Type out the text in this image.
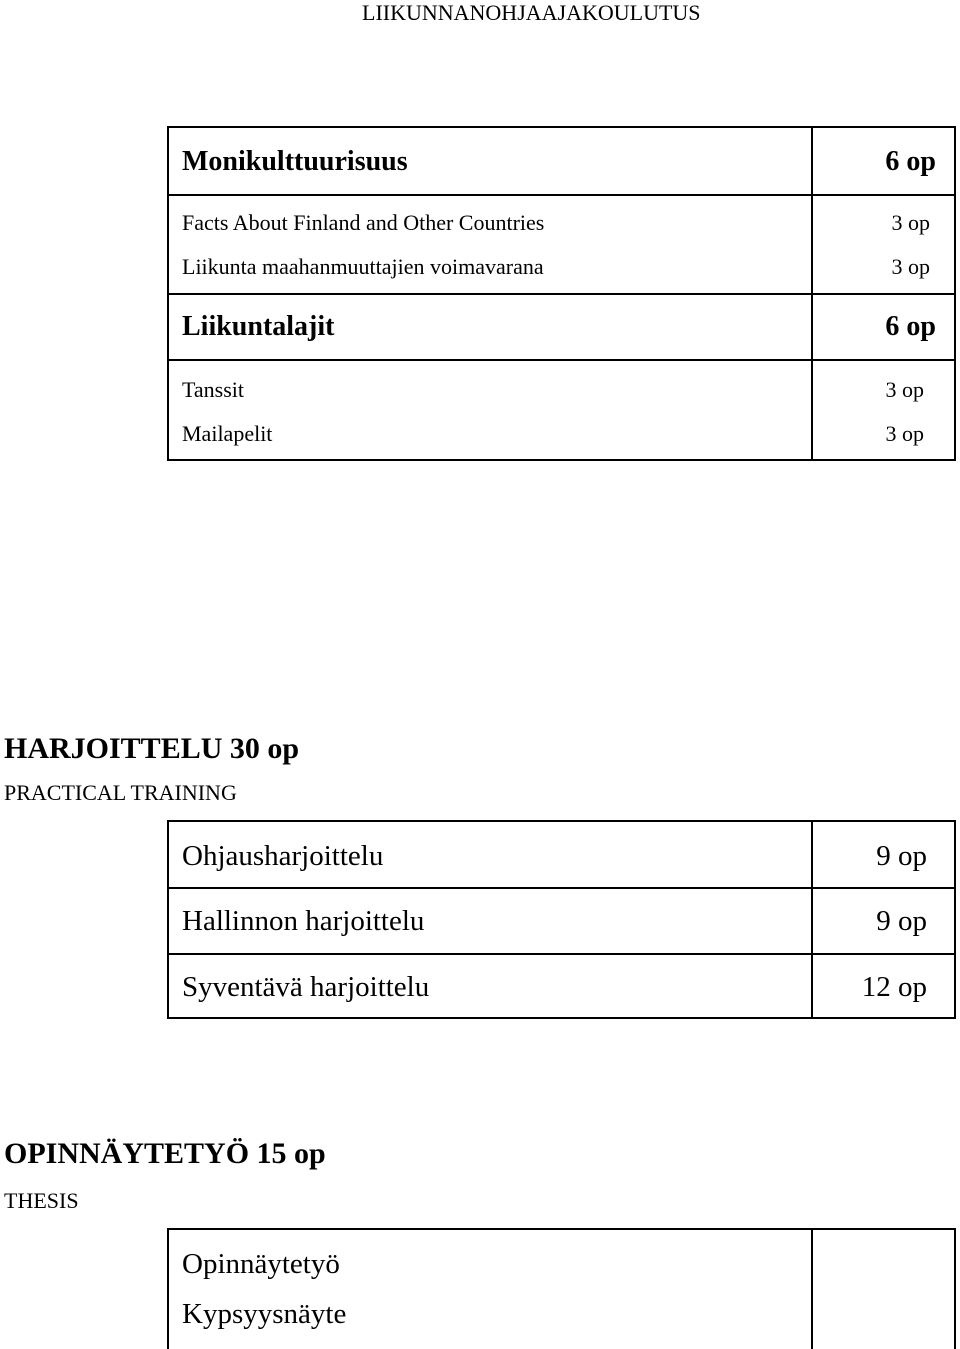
LIIKUNNANOHJAAJAKOULUTUS
Monikulttuurisuus	6 op
Facts About Finland and Other Countries	3 op
Liikunta maahanmuuttajien voimavarana	3 op
Liikuntalajit	6 op
Tanssit	3 op
Mailapelit	3 op
HARJOITTELU 30 op
PRACTICAL TRAINING
Ohjausharjoittelu	9 op
Hallinnon harjoittelu	9 op
Syventävä harjoittelu	12 op
OPINNÄYTETYÖ 15 op
THESIS
Opinnäytetyö
Kypsyysnäyte
